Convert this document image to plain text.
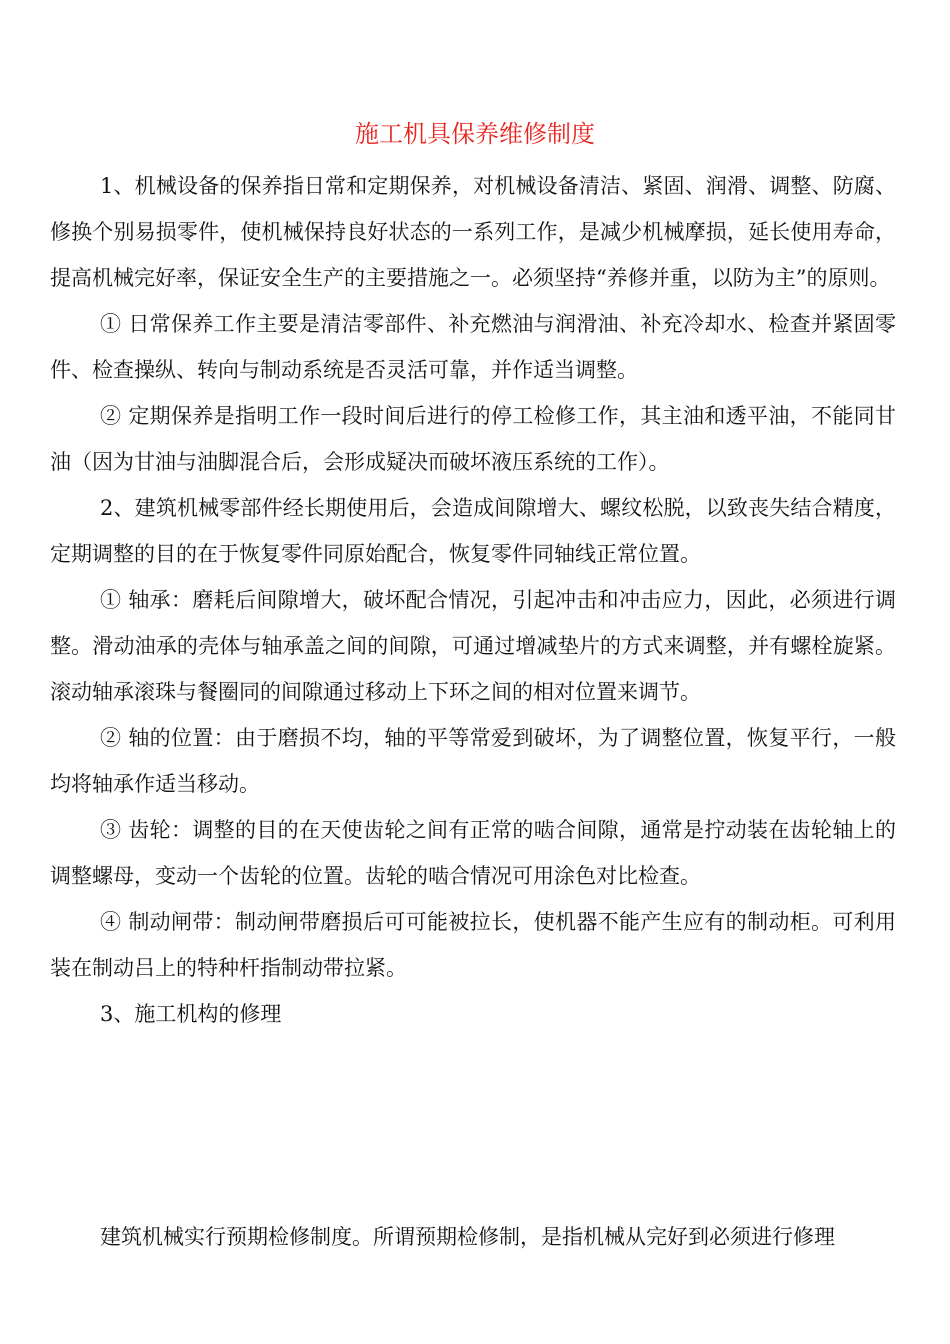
施工机具保养维修制度

1、机械设备的保养指日常和定期保养，对机械设备清洁、紧固、润滑、调整、防腐、修换个别易损零件，使机械保持良好状态的一系列工作，是减少机械摩损，延长使用寿命，提高机械完好率，保证安全生产的主要措施之一。必须坚持“养修并重，以防为主”的原则。

① 日常保养工作主要是清洁零部件、补充燃油与润滑油、补充冷却水、检查并紧固零件、检查操纵、转向与制动系统是否灵活可靠，并作适当调整。

② 定期保养是指明工作一段时间后进行的停工检修工作，其主油和透平油，不能同甘油（因为甘油与油脚混合后，会形成疑决而破坏液压系统的工作）。

2、建筑机械零部件经长期使用后，会造成间隙增大、螺纹松脱，以致丧失结合精度，定期调整的目的在于恢复零件同原始配合，恢复零件同轴线正常位置。

① 轴承：磨耗后间隙增大，破坏配合情况，引起冲击和冲击应力，因此，必须进行调整。滑动油承的壳体与轴承盖之间的间隙，可通过增减垫片的方式来调整，并有螺栓旋紧。滚动轴承滚珠与餐圈同的间隙通过移动上下环之间的相对位置来调节。

② 轴的位置：由于磨损不均，轴的平等常爱到破坏，为了调整位置，恢复平行，一般均将轴承作适当移动。

③ 齿轮：调整的目的在天使齿轮之间有正常的啮合间隙，通常是拧动装在齿轮轴上的调整螺母，变动一个齿轮的位置。齿轮的啮合情况可用涂色对比检查。

④ 制动闸带：制动闸带磨损后可可能被拉长，使机器不能产生应有的制动柜。可利用装在制动吕上的特种杆指制动带拉紧。

3、施工机构的修理

建筑机械实行预期检修制度。所谓预期检修制，是指机械从完好到必须进行修理
